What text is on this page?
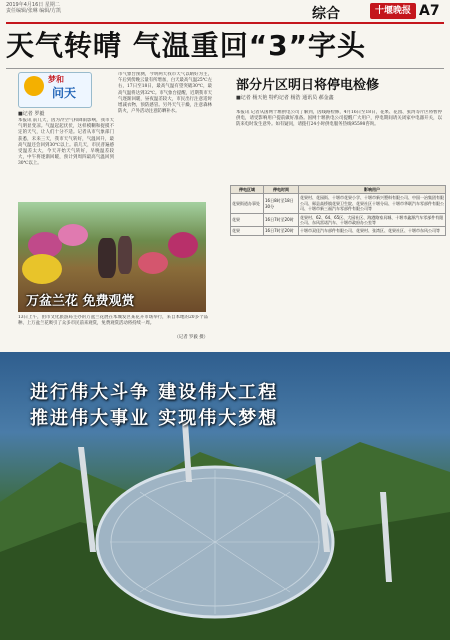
2019年4月16日 星期二
责任编辑/张琳 编辑/方凯	综合	十堰晚报 A7
天气转晴 气温重回“3”字头
梦和
问天
■记者 罗毅
本报讯 前几天，因为冷空气和降雨影响，我市天气明显变凉。气温起起伏伏，这样模糊和捉摸不定的天气，让人们十分不适。记者从市气象部门获悉，未来三天，我市天气转好，气温回升，最高气温还会回到30℃以上。前几天，市民普遍感受温差太大，今天开始天气转好，早晚温差较大，中午将逐渐回暖，预计到周四最高气温回到30℃以上。
市气象台预测，今明两天我市天气以晴好为主，午后到傍晚云量有所增加，白天最高气温25℃左右，17日至18日，最高气温有望突破30℃，最高气温将达到32℃。市气象台提醒，近期我市天气逐渐回暖，昼夜温差较大，市民出行注意适时增减衣物，预防感冒。另外天气干燥，注意森林防火，户外活动注意防晒补水。
万盆兰花 免费观赏
13日上午，由市文化旅游局主办的万盆兰花展在本城发区某花卉市场举行，来自本地的20多个品种、上万盆兰花吸引了众多市民前来观赏，免费观赏活动将持续一周。
（记者 罗毅 摄）
部分片区明日将停电检修
■记者 杨天艳 特约记者 杨浩 通讯员 郝金鑫
本报讯 记者从国网十堰供电公司了解到，因线路检修，4月16日至18日，花果、花园、张湾等片区将暂停供电，请受影响用户提前做好准备。国网十堰供电公司提醒广大用户，停电期间请关闭家中电器开关，以防来电时发生意外。如有疑问，请拨打24小时供电服务热线95598咨询。
停电区域	停电时间	影响用户
花果街道办事处	16日8时至18日30分	花果村、花园街、十堰市花果小学、十堰市新兴塑料有限公司、中国一冶集团有限公司、郧县高桥镇花果卫生院、花果社区十堰分局、十堰市华联汽车零部件有限公司、十堰市新三福汽车零部件有限公司等
花果	16日7时至20时	花果村、62、64、65区、大园社区、海港路家具城、十堰市鑫源汽车零部件有限公司、东风雷诺汽车、十堰市政府办公室等
花果	16日7时至20时	十堰市双佳汽车部件有限公司、花果村、张湾区、花果社区、十堰市东风公司等
进行伟大斗争 建设伟大工程
推进伟大事业 实现伟大梦想
